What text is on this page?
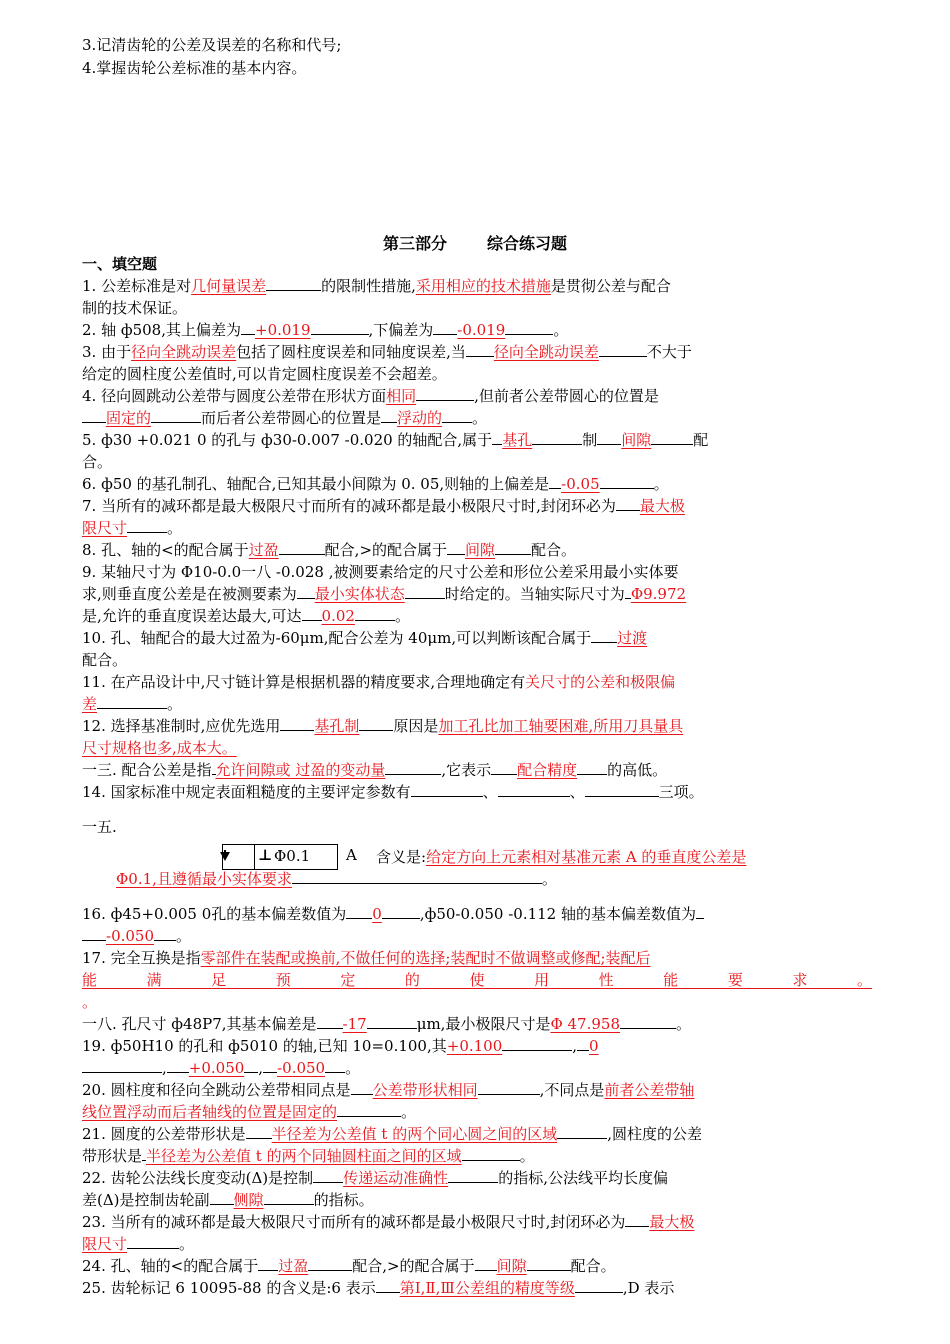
3.记清齿轮的公差及误差的名称和代号;
4.掌握齿轮公差标准的基本内容。
第三部分	综合练习题
一、填空题
1. 公差标准是对几何量误差	的限制性措施,采用相应的技术措施是贯彻公差与配合
制的技术保证。
2. 轴 ф508,其上偏差为 +0.019	,下偏差为 -0.019	。
3. 由于径向全跳动误差包括了圆柱度误差和同轴度误差,当 径向全跳动误差	不大于
给定的圆柱度公差值时,可以肯定圆柱度误差不会超差。
4. 径向圆跳动公差带与圆度公差带在形状方面相同	,但前者公差带圆心的位置是
固定的	而后者公差带圆心的位置是 浮动的 。
5. ф30 +0.021 0 的孔与 ф30-0.007 -0.020 的轴配合,属于 基孔	制 间隙	配
合。
6. ф50 的基孔制孔、轴配合,已知其最小间隙为 0. 05,则轴的上偏差是 -0.05	。
7. 当所有的减环都是最大极限尺寸而所有的减环都是最小极限尺寸时,封闭环必为 最大极
限尺寸	。
8. 孔、轴的<的配合属于过盈	配合,>的配合属于 间隙 配合。
9. 某轴尺寸为 Φ10-0.0一八 -0.028 ,被测要素给定的尺寸公差和形位公差采用最小实体要
求,则垂直度公差是在被测要素为 最小实体状态	时给定的。当轴实际尺寸为 Φ9.972
是,允许的垂直度误差达最大,可达 0.02	。
10. 孔、轴配合的最大过盈为-60μm,配合公差为 40μm,可以判断该配合属于 过渡
配合。
11. 在产品设计中,尺寸链计算是根据机器的精度要求,合理地确定有关尺寸的公差和极限偏
差	。
12. 选择基准制时,应优先选用 基孔制 原因是加工孔比加工轴要困难,所用刀具量具
尺寸规格也多,成本大。
一三. 配合公差是指 允许间隙或 过盈的变动量	,它表示 配合精度 的高低。
14. 国家标准中规定表面粗糙度的主要评定参数有	、	、	三项。
一五.
⊥ Φ0.1 A 含义是:给定方向上元素相对基准元素 A 的垂直度公差是
Φ0.1,且遵循最小实体要求	。
16. ф45+0.005 0孔的基本偏差数值为 0	,ф50-0.050 -0.112 轴的基本偏差数值为
-0.050 。
17. 完全互换是指零部件在装配或换前,不做任何的选择;装配时不做调整或修配;装配后
能 满 足 预 定 的 使 用 性 能 要 求 。
。
一八. 孔尺寸 ф48P7,其基本偏差是 -17	μm,最小极限尺寸是Φ 47.958	。
19. ф50H10 的孔和 ф5010 的轴,已知 10=0.100,其+0.100	, 0
, +0.050 , -0.050 。
20. 圆柱度和径向全跳动公差带相同点是 公差带形状相同	,不同点是前者公差带轴
线位置浮动而后者轴线的位置是固定的	。
21. 圆度的公差带形状是 半径差为公差值 t 的两个同心圆之间的区域	,圆柱度的公差
带形状是 半径差为公差值 t 的两个同轴圆柱面之间的区域	。
22. 齿轮公法线长度变动(Δ)是控制 传递运动准确性	的指标,公法线平均长度偏
差(Δ)是控制齿轮副 侧隙	的指标。
23. 当所有的减环都是最大极限尺寸而所有的减环都是最小极限尺寸时,封闭环必为 最大极
限尺寸	。
24. 孔、轴的<的配合属于 过盈	配合,>的配合属于 间隙	配合。
25. 齿轮标记 6 10095-88 的含义是:6 表示 第Ⅰ,Ⅱ,Ⅲ公差组的精度等级	,D 表示
